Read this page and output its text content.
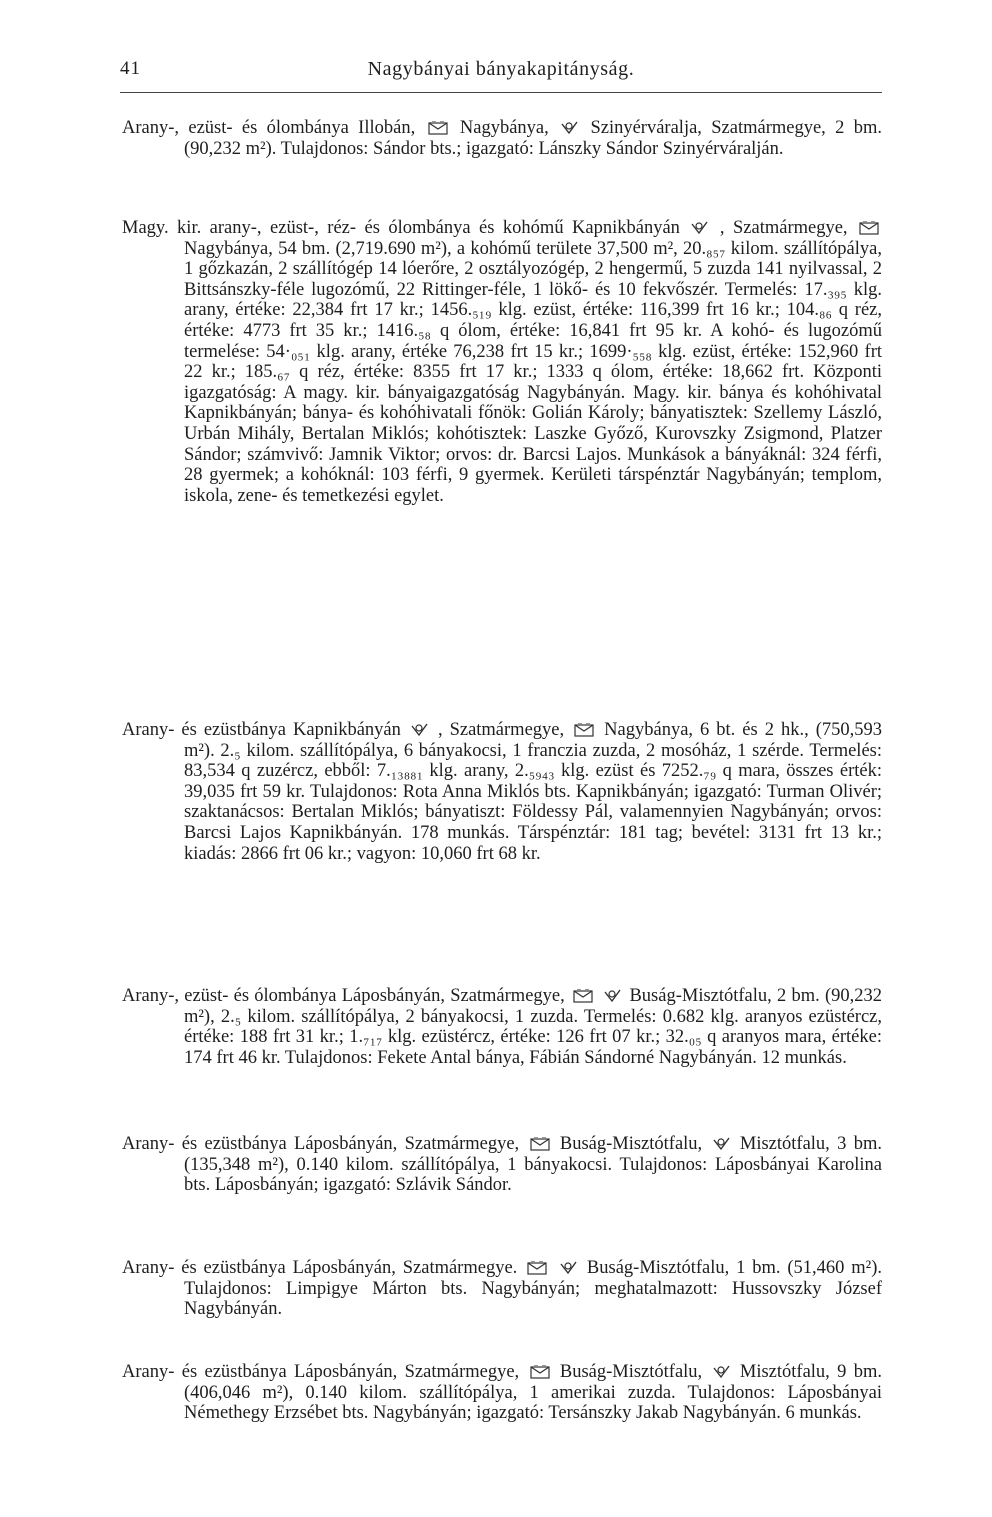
41	Nagybányai bányakapitányság.

Arany-, ezüst- és ólombánya Illobán, Nagybánya, Szinyérváralja, Szatmármegye, 2 bm. (90,232 m²). Tulajdonos: Sándor bts.; igazgató: Lánszky Sándor Szinyérváralján.

Magy. kir. arany-, ezüst-, réz- és ólombánya és kohómű Kapnikbányán , Szatmármegye,  Nagybánya, 54 bm. (2,719.690 m²), a kohómű területe 37,500 m², 20.₈₅₇ kilom. szállítópálya, 1 gőzkazán, 2 szállítógép 14 lóerőre, 2 osztályozógép, 2 hengermű, 5 zuzda 141 nyilvassal, 2 Bittsánszky-féle lugozómű, 22 Rittinger-féle, 1 lökő- és 10 fekvőszér. Termelés: 17.₃₉₅ klg. arany, értéke: 22,384 frt 17 kr.; 1456.₅₁₉ klg. ezüst, értéke: 116,399 frt 16 kr.; 104.₈₆ q réz, értéke: 4773 frt 35 kr.; 1416.₅₈ q ólom, értéke: 16,841 frt 95 kr. A kohó- és lugozómű termelése: 54·₀₅₁ klg. arany, értéke 76,238 frt 15 kr.; 1699·₅₅₈ klg. ezüst, értéke: 152,960 frt 22 kr.; 185.₆₇ q réz, értéke: 8355 frt 17 kr.; 1333 q ólom, értéke: 18,662 frt. Központi igazgatóság: A magy. kir. bányaigazgatóság Nagybányán. Magy. kir. bánya és kohóhivatal Kapnikbányán; bánya- és kohóhivatali főnök: Golián Károly; bányatisztek: Szellemy László, Urbán Mihály, Bertalan Miklós; kohótisztek: Laszke Győző, Kurovszky Zsigmond, Platzer Sándor; számvivő: Jamnik Viktor; orvos: dr. Barcsi Lajos. Munkások a bányáknál: 324 férfi, 28 gyermek; a kohóknál: 103 férfi, 9 gyermek. Kerületi társpénztár Nagybányán; templom, iskola, zene- és temetkezési egylet.

Arany- és ezüstbánya Kapnikbányán , Szatmármegye, Nagybánya, 6 bt. és 2 hk., (750,593 m²). 2.₅ kilom. szállítópálya, 6 bányakocsi, 1 franczia zuzda, 2 mosóház, 1 szérde. Termelés: 83,534 q zuzércz, ebből: 7.₁₃₈₈₁ klg. arany, 2.₅₉₄₃ klg. ezüst és 7252.₇₉ q mara, összes érték: 39,035 frt 59 kr. Tulajdonos: Rota Anna Miklós bts. Kapnikbányán; igazgató: Turman Olivér; szaktanácsos: Bertalan Miklós; bányatiszt: Földessy Pál, valamennyien Nagybányán; orvos: Barcsi Lajos Kapnikbányán. 178 munkás. Társpénztár: 181 tag; bevétel: 3131 frt 13 kr.; kiadás: 2866 frt 06 kr.; vagyon: 10,060 frt 68 kr.

Arany-, ezüst- és ólombánya Láposbányán, Szatmármegye,	Buság-Misztótfalu, 2 bm. (90,232 m²), 2.₅ kilom. szállítópálya, 2 bányakocsi, 1 zuzda. Termelés: 0.682 klg. aranyos ezüstércz, értéke: 188 frt 31 kr.; 1.₇₁₇ klg. ezüstércz, értéke: 126 frt 07 kr.; 32.₀₅ q aranyos mara, értéke: 174 frt 46 kr. Tulajdonos: Fekete Antal bánya, Fábián Sándorné Nagybányán. 12 munkás.

Arany- és ezüstbánya Láposbányán, Szatmármegye, Buság-Misztótfalu, Misztótfalu, 3 bm. (135,348 m²), 0.140 kilom. szállítópálya, 1 bányakocsi. Tulajdonos: Láposbányai Karolina bts. Láposbányán; igazgató: Szlávik Sándor.

Arany- és ezüstbánya Láposbányán, Szatmármegye.	Buság-Misztótfalu, 1 bm. (51,460 m²). Tulajdonos: Limpigye Márton bts. Nagybányán; meghatalmazott: Hussovszky József Nagybányán.

Arany- és ezüstbánya Láposbányán, Szatmármegye, Buság-Misztótfalu, Misztótfalu, 9 bm. (406,046 m²), 0.140 kilom. szállítópálya, 1 amerikai zuzda. Tulajdonos: Láposbányai Némethegy Erzsébet bts. Nagybányán; igazgató: Tersánszky Jakab Nagybányán. 6 munkás.
